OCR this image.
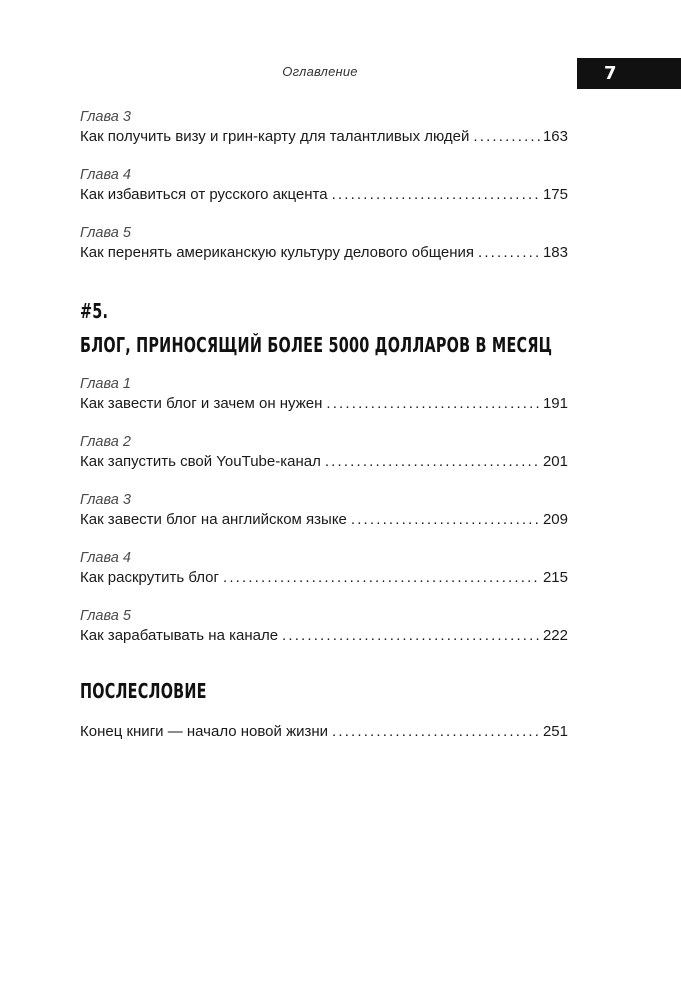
Оглавление	7
Глава 3
Как получить визу и грин-карту для талантливых людей . . .	163
Глава 4
Как избавиться от русского акцента . . .	175
Глава 5
Как перенять американскую культуру делового общения . . .	183
#5.
БЛОГ, ПРИНОСЯЩИЙ БОЛЕЕ 5000 ДОЛЛАРОВ В МЕСЯЦ
Глава 1
Как завести блог и зачем он нужен . . .	191
Глава 2
Как запустить свой YouTube-канал . . .	201
Глава 3
Как завести блог на английском языке . . .	209
Глава 4
Как раскрутить блог . . .	215
Глава 5
Как зарабатывать на канале . . .	222
ПОСЛЕСЛОВИЕ
Конец книги — начало новой жизни . . .	251
